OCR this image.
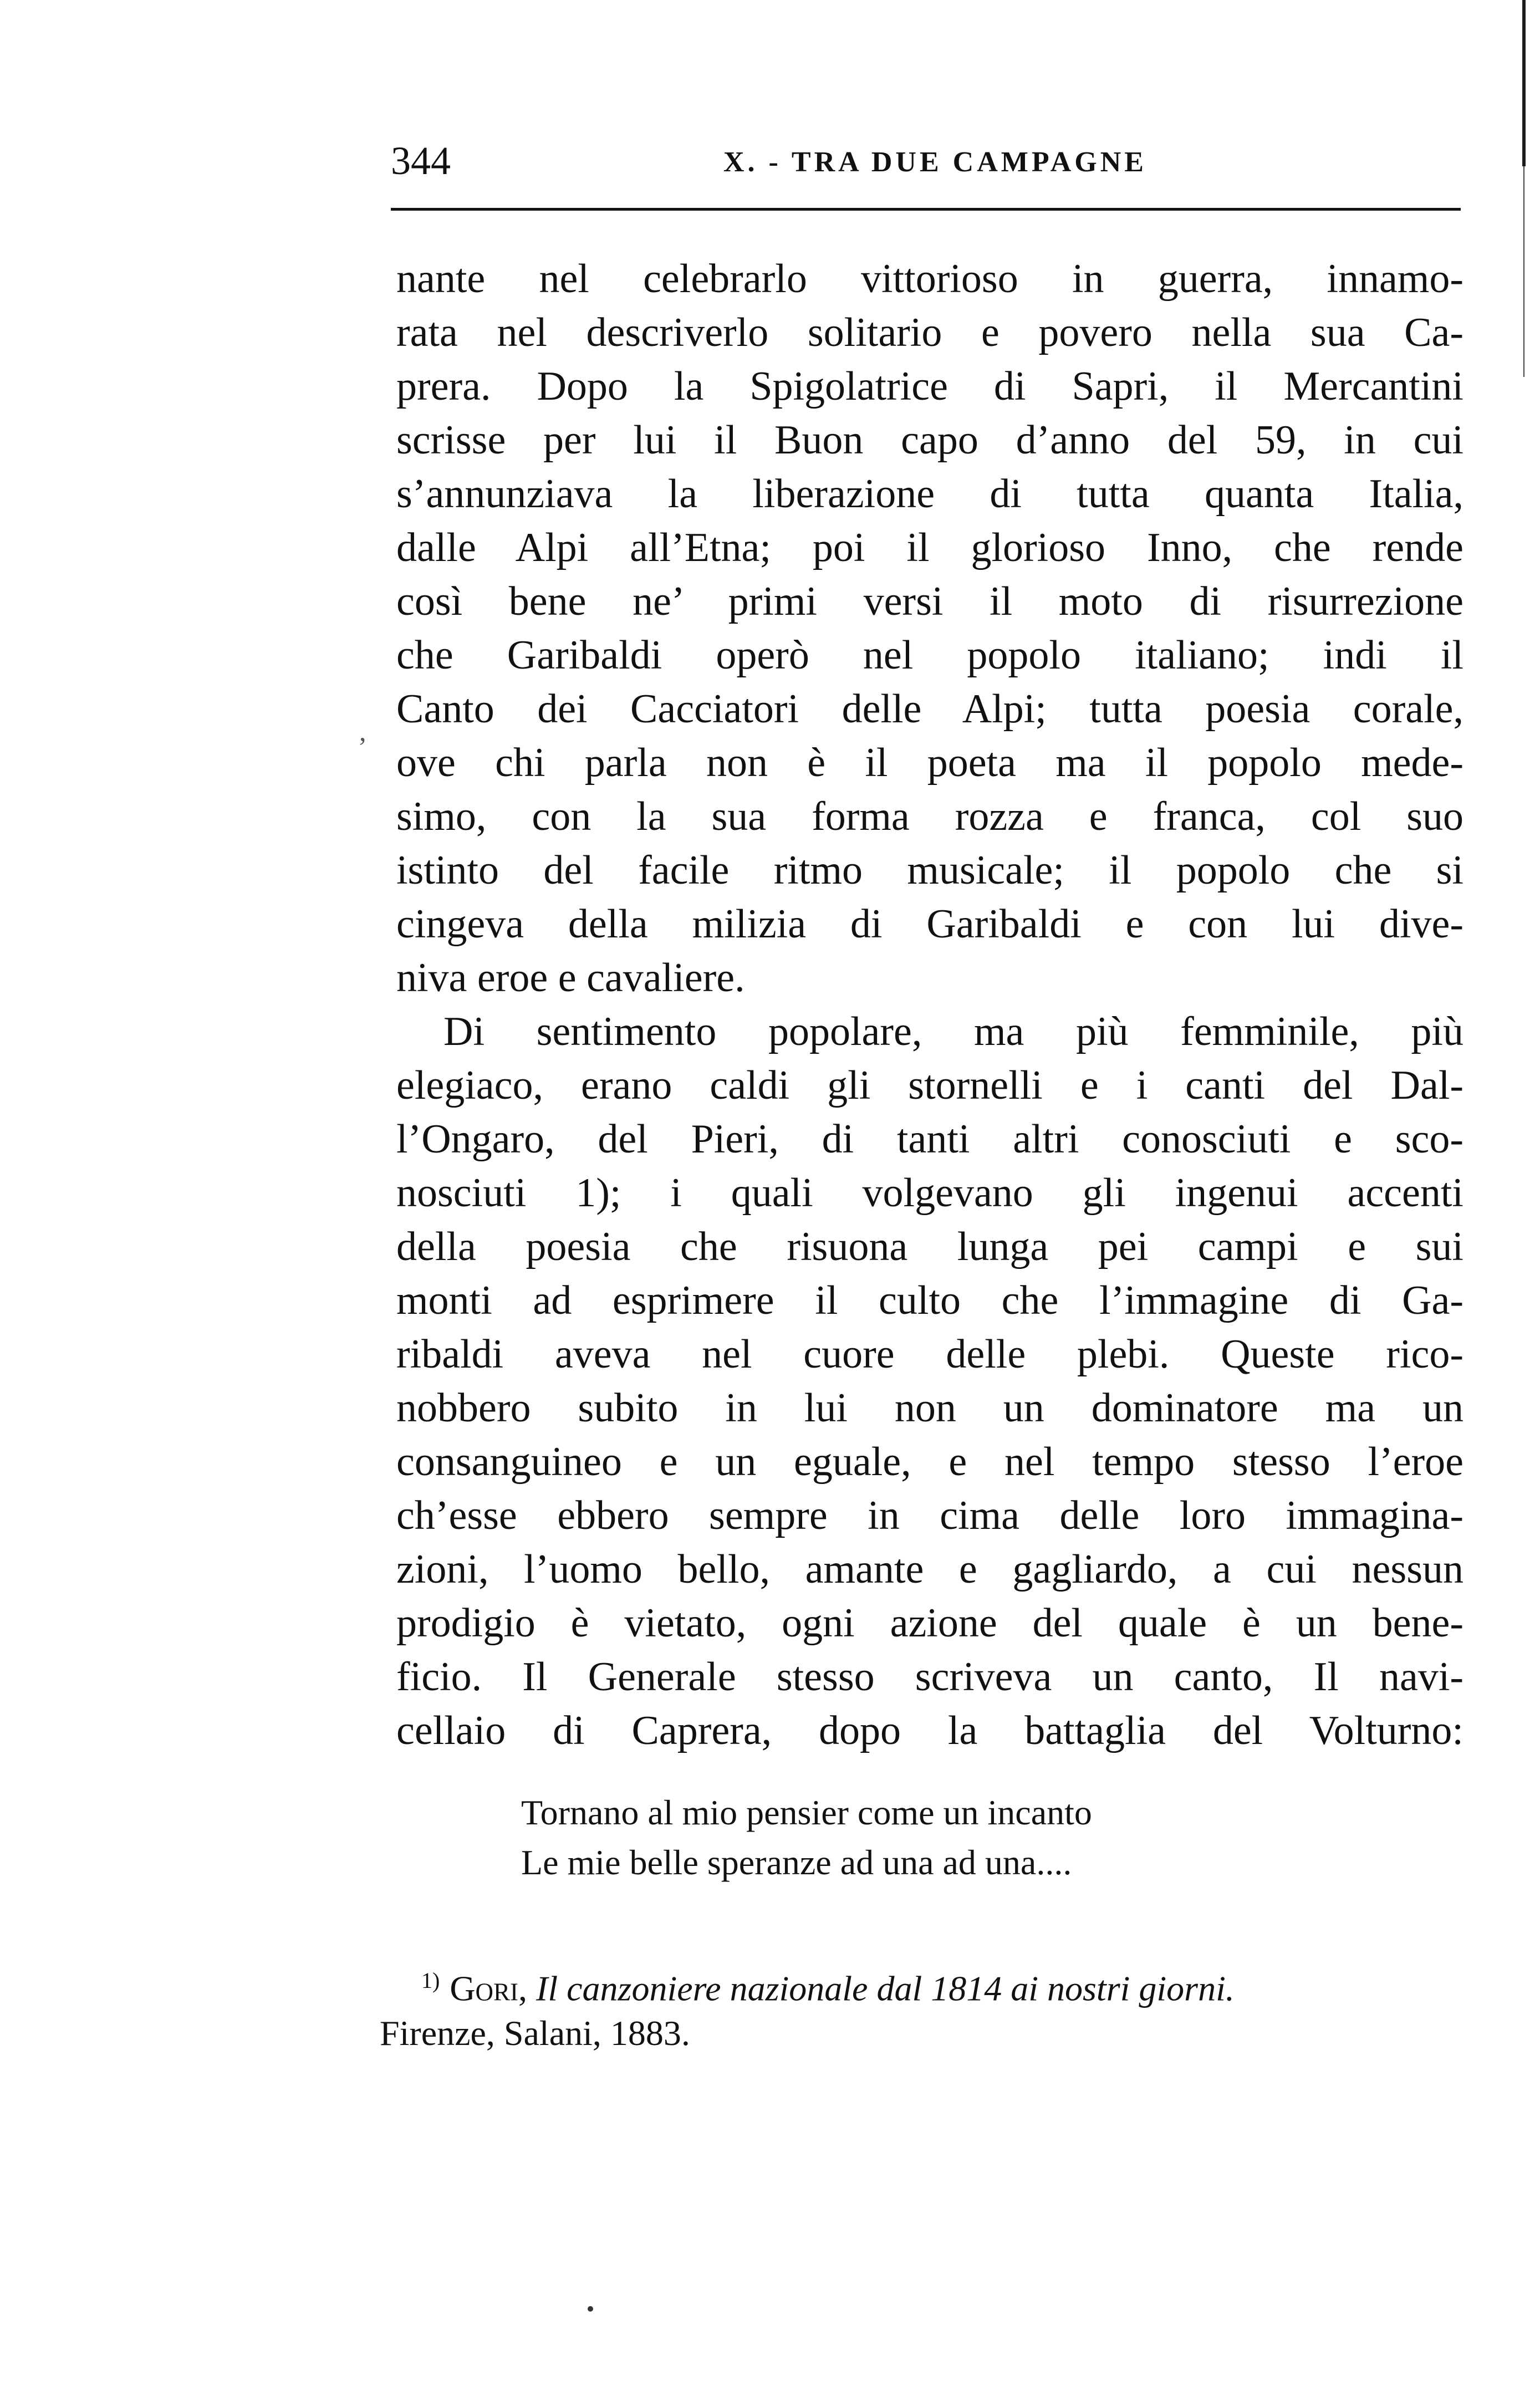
344	X. - TRA DUE CAMPAGNE
,
nante nel celebrarlo vittorioso in guerra, innamo-
rata nel descriverlo solitario e povero nella sua Ca-
prera. Dopo la Spigolatrice di Sapri, il Mercantini
scrisse per lui il Buon capo d’anno del 59, in cui
s’annunziava la liberazione di tutta quanta Italia,
dalle Alpi all’Etna; poi il glorioso Inno, che rende
così bene ne’ primi versi il moto di risurrezione
che Garibaldi operò nel popolo italiano; indi il
Canto dei Cacciatori delle Alpi; tutta poesia corale,
ove chi parla non è il poeta ma il popolo mede-
simo, con la sua forma rozza e franca, col suo
istinto del facile ritmo musicale; il popolo che si
cingeva della milizia di Garibaldi e con lui dive-
niva eroe e cavaliere.
Di sentimento popolare, ma più femminile, più
elegiaco, erano caldi gli stornelli e i canti del Dal-
l’Ongaro, del Pieri, di tanti altri conosciuti e sco-
nosciuti 1); i quali volgevano gli ingenui accenti
della poesia che risuona lunga pei campi e sui
monti ad esprimere il culto che l’immagine di Ga-
ribaldi aveva nel cuore delle plebi. Queste rico-
nobbero subito in lui non un dominatore ma un
consanguineo e un eguale, e nel tempo stesso l’eroe
ch’esse ebbero sempre in cima delle loro immagina-
zioni, l’uomo bello, amante e gagliardo, a cui nessun
prodigio è vietato, ogni azione del quale è un bene-
ficio. Il Generale stesso scriveva un canto, Il navi-
cellaio di Caprera, dopo la battaglia del Volturno:
Tornano al mio pensier come un incanto
Le mie belle speranze ad una ad una....
$^{1)}$ Gori, Il canzoniere nazionale dal 1814 ai nostri giorni.
Firenze, Salani, 1883.
